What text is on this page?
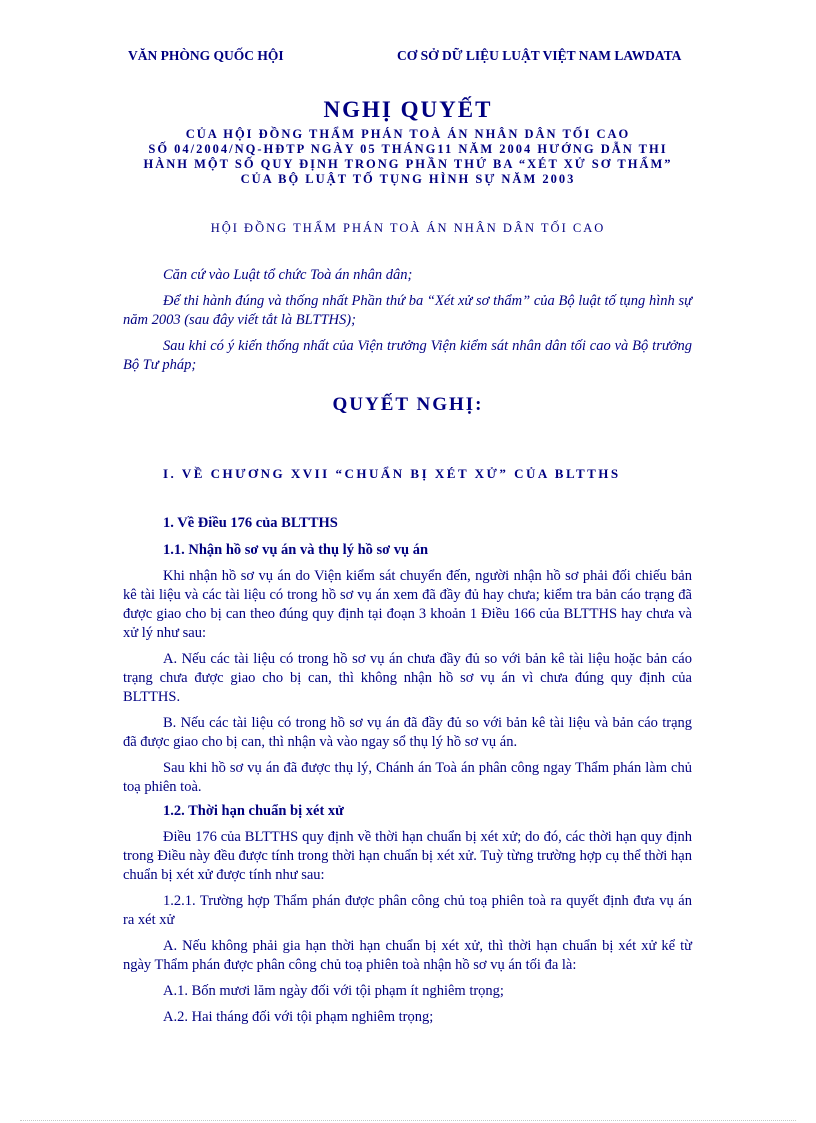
VĂN PHÒNG QUỐC HỘI	CƠ SỞ DỮ LIỆU LUẬT VIỆT NAM LAWDATA
NGHỊ QUYẾT
CỦA HỘI ĐỒNG THẨM PHÁN TOÀ ÁN NHÂN DÂN TỐI CAO
SỐ 04/2004/NQ-HĐTP NGÀY 05 THÁNG11 NĂM 2004 HƯỚNG DẪN THI
HÀNH MỘT SỐ QUY ĐỊNH TRONG PHẦN THỨ BA “XÉT XỬ SƠ THẨM”
CỦA BỘ LUẬT TỐ TỤNG HÌNH SỰ NĂM 2003
HỘI ĐỒNG THẨM PHÁN TOÀ ÁN NHÂN DÂN TỐI CAO

Căn cứ vào Luật tổ chức Toà án nhân dân;

Để thi hành đúng và thống nhất Phần thứ ba “Xét xử sơ thẩm” của Bộ luật tố tụng hình sự năm 2003 (sau đây viết tắt là BLTTHS);

Sau khi có ý kiến thống nhất của Viện trưởng Viện kiểm sát nhân dân tối cao và Bộ trưởng Bộ Tư pháp;

QUYẾT NGHỊ:
I. VỀ CHƯƠNG XVII “CHUẨN BỊ XÉT XỬ” CỦA BLTTHS
1. Về Điều 176 của BLTTHS
1.1. Nhận hồ sơ vụ án và thụ lý hồ sơ vụ án

Khi nhận hồ sơ vụ án do Viện kiểm sát chuyển đến, người nhận hồ sơ phải đối chiếu bản kê tài liệu và các tài liệu có trong hồ sơ vụ án xem đã đầy đủ hay chưa; kiểm tra bản cáo trạng đã được giao cho bị can theo đúng quy định tại đoạn 3 khoản 1 Điều 166 của BLTTHS hay chưa và xử lý như sau:

A. Nếu các tài liệu có trong hồ sơ vụ án chưa đầy đủ so với bản kê tài liệu hoặc bản cáo trạng chưa được giao cho bị can, thì không nhận hồ sơ vụ án vì chưa đúng quy định của BLTTHS.

B. Nếu các tài liệu có trong hồ sơ vụ án đã đầy đủ so với bản kê tài liệu và bản cáo trạng đã được giao cho bị can, thì nhận và vào ngay sổ thụ lý hồ sơ vụ án.

Sau khi hồ sơ vụ án đã được thụ lý, Chánh án Toà án phân công ngay Thẩm phán làm chủ toạ phiên toà.

1.2. Thời hạn chuẩn bị xét xử

Điều 176 của BLTTHS quy định về thời hạn chuẩn bị xét xử; do đó, các thời hạn quy định trong Điều này đều được tính trong thời hạn chuẩn bị xét xử. Tuỳ từng trường hợp cụ thể thời hạn chuẩn bị xét xử được tính như sau:

1.2.1. Trường hợp Thẩm phán được phân công chủ toạ phiên toà ra quyết định đưa vụ án ra xét xử

A. Nếu không phải gia hạn thời hạn chuẩn bị xét xử, thì thời hạn chuẩn bị xét xử kể từ ngày Thẩm phán được phân công chủ toạ phiên toà nhận hồ sơ vụ án tối đa là:

A.1. Bốn mươi lăm ngày đối với tội phạm ít nghiêm trọng;

A.2. Hai tháng đối với tội phạm nghiêm trọng;
